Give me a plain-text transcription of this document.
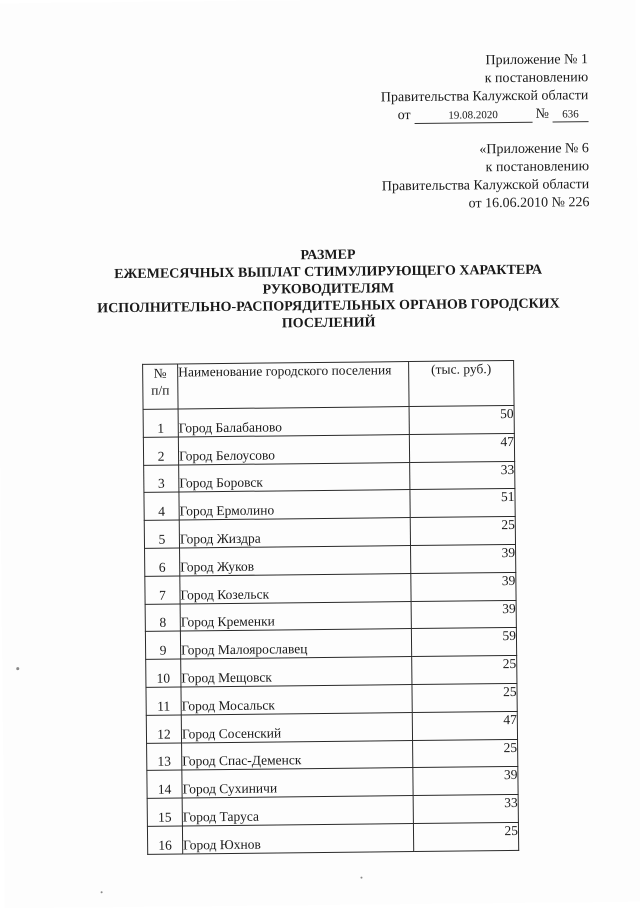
Приложение № 1
к постановлению
Правительства Калужской области
от	19.08.2020	№ 636
«Приложение № 6
к постановлению
Правительства Калужской области
от 16.06.2010 № 226
РАЗМЕР
ЕЖЕМЕСЯЧНЫХ ВЫПЛАТ СТИМУЛИРУЮЩЕГО ХАРАКТЕРА
РУКОВОДИТЕЛЯМ
ИСПОЛНИТЕЛЬНО-РАСПОРЯДИТЕЛЬНЫХ ОРГАНОВ ГОРОДСКИХ
ПОСЕЛЕНИЙ
№
п/п	Наименование городского поселения	(тыс. руб.)
1	Город Балабаново	50
2	Город Белоусово	47
3	Город Боровск	33
4	Город Ермолино	51
5	Город Жиздра	25
6	Город Жуков	39
7	Город Козельск	39
8	Город Кременки	39
9	Город Малоярославец	59
10	Город Мещовск	25
11	Город Мосальск	25
12	Город Сосенский	47
13	Город Спас-Деменск	25
14	Город Сухиничи	39
15	Город Таруса	33
16	Город Юхнов	25
